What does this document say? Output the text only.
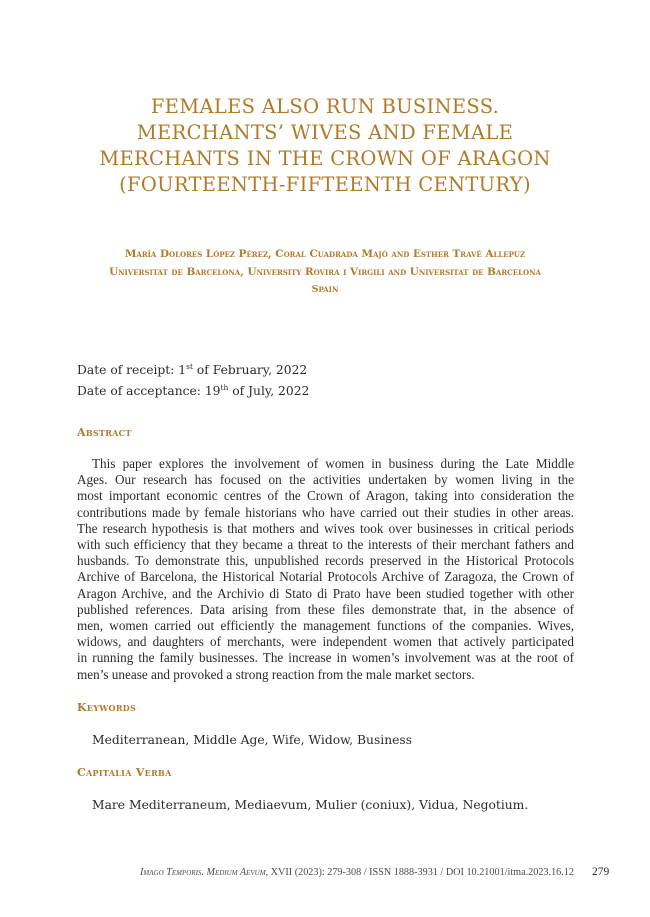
FEMALES ALSO RUN BUSINESS.
MERCHANTS’ WIVES AND FEMALE
MERCHANTS IN THE CROWN OF ARAGON
(FOURTEENTH-FIFTEENTH CENTURY)
María Dolores López Pérez, Coral Cuadrada Majó and Esther Travé Allepuz
Universitat de Barcelona, University Rovira i Virgili and Universitat de Barcelona
Spain
Date of receipt: 1st of February, 2022
Date of acceptance: 19th of July, 2022
Abstract
This paper explores the involvement of women in business during the Late Middle
Ages. Our research has focused on the activities undertaken by women living in the
most important economic centres of the Crown of Aragon, taking into consideration the
contributions made by female historians who have carried out their studies in other areas.
The research hypothesis is that mothers and wives took over businesses in critical periods
with such efficiency that they became a threat to the interests of their merchant fathers and
husbands. To demonstrate this, unpublished records preserved in the Historical Protocols
Archive of Barcelona, the Historical Notarial Protocols Archive of Zaragoza, the Crown of
Aragon Archive, and the Archivio di Stato di Prato have been studied together with other
published references. Data arising from these files demonstrate that, in the absence of
men, women carried out efficiently the management functions of the companies. Wives,
widows, and daughters of merchants, were independent women that actively participated
in running the family businesses. The increase in women’s involvement was at the root of
men’s unease and provoked a strong reaction from the male market sectors.
Keywords
Mediterranean, Middle Age, Wife, Widow, Business
Capitalia Verba
Mare Mediterraneum, Mediaevum, Mulier (coniux), Vidua, Negotium.
Imago Temporis. Medium Aevum, XVII (2023): 279-308 / ISSN 1888-3931 / DOI 10.21001/itma.2023.16.12 279
